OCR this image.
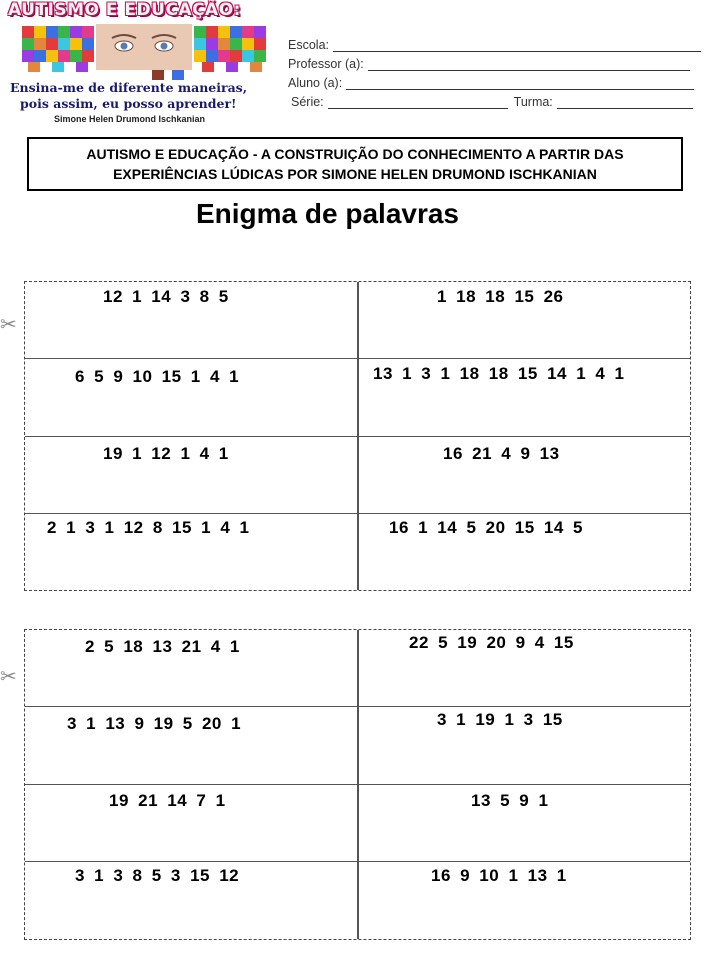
AUTISMO E EDUCAÇÃO:
Ensina-me de diferente maneiras,
pois assim, eu posso aprender!
Simone Helen Drumond Ischkanian
Escola:
Professor (a):
Aluno (a):
Série:	Turma:
AUTISMO E EDUCAÇÃO - A CONSTRUIÇÃO DO CONHECIMENTO A PARTIR DAS
EXPERIÊNCIAS LÚDICAS POR SIMONE HELEN DRUMOND ISCHKANIAN
Enigma de palavras
✂
12 1 14 3 8 5	1 18 18 15 26
6 5 9 10 15 1 4 1	13 1 3 1 18 18 15 14 1 4 1
19 1 12 1 4 1	16 21 4 9 13
2 1 3 1 12 8 15 1 4 1	16 1 14 5 20 15 14 5
✂
2 5 18 13 21 4 1	22 5 19 20 9 4 15
3 1 13 9 19 5 20 1	3 1 19 1 3 15
19 21 14 7 1	13 5 9 1
3 1 3 8 5 3 15 12	16 9 10 1 13 1
